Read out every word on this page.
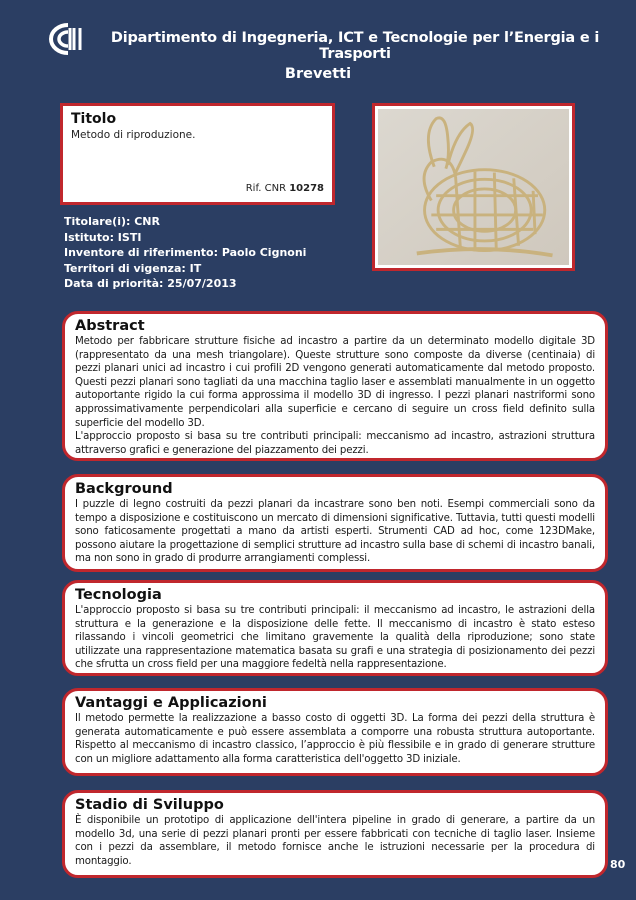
Dipartimento di Ingegneria, ICT e Tecnologie per l’Energia e i Trasporti
Brevetti
Titolo
Metodo di riproduzione.
Rif. CNR 10278
Titolare(i): CNR
Istituto: ISTI
Inventore di riferimento: Paolo Cignoni
Territori di vigenza: IT
Data di priorità: 25/07/2013
Abstract

Metodo per fabbricare strutture fisiche ad incastro a partire da un determinato modello digitale 3D (rappresentato da una mesh triangolare). Queste strutture sono composte da diverse (centinaia) di pezzi planari unici ad incastro i cui profili 2D vengono generati automaticamente dal metodo proposto. Questi pezzi planari sono tagliati da una macchina taglio laser e assemblati manualmente in un oggetto autoportante rigido la cui forma approssima il modello 3D di ingresso. I pezzi planari nastriformi sono approssimativamente perpendicolari alla superficie e cercano di seguire un cross field definito sulla superficie del modello 3D.

L'approccio proposto si basa su tre contributi principali: meccanismo ad incastro, astrazioni struttura attraverso grafici e generazione del piazzamento dei pezzi.

Background

I puzzle di legno costruiti da pezzi planari da incastrare sono ben noti. Esempi commerciali sono da tempo a disposizione e costituiscono un mercato di dimensioni significative. Tuttavia, tutti questi modelli sono faticosamente progettati a mano da artisti esperti. Strumenti CAD ad hoc, come 123DMake, possono aiutare la progettazione di semplici strutture ad incastro sulla base di schemi di incastro banali, ma non sono in grado di produrre arrangiamenti complessi.

Tecnologia

L'approccio proposto si basa su tre contributi principali: il meccanismo ad incastro, le astrazioni della struttura e la generazione e la disposizione delle fette. Il meccanismo di incastro è stato esteso rilassando i vincoli geometrici che limitano gravemente la qualità della riproduzione; sono state utilizzate una rappresentazione matematica basata su grafi e una strategia di posizionamento dei pezzi che sfrutta un cross field per una maggiore fedeltà nella rappresentazione.

Vantaggi e Applicazioni

Il metodo permette la realizzazione a basso costo di oggetti 3D. La forma dei pezzi della struttura è generata automaticamente e può essere assemblata a comporre una robusta struttura autoportante. Rispetto al meccanismo di incastro classico, l’approccio è più flessibile e in grado di generare strutture con un migliore adattamento alla forma caratteristica dell'oggetto 3D iniziale.

Stadio di Sviluppo

È disponibile un prototipo di applicazione dell'intera pipeline in grado di generare, a partire da un modello 3d, una serie di pezzi planari pronti per essere fabbricati con tecniche di taglio laser. Insieme con i pezzi da assemblare, il metodo fornisce anche le istruzioni necessarie per la procedura di montaggio.	80
